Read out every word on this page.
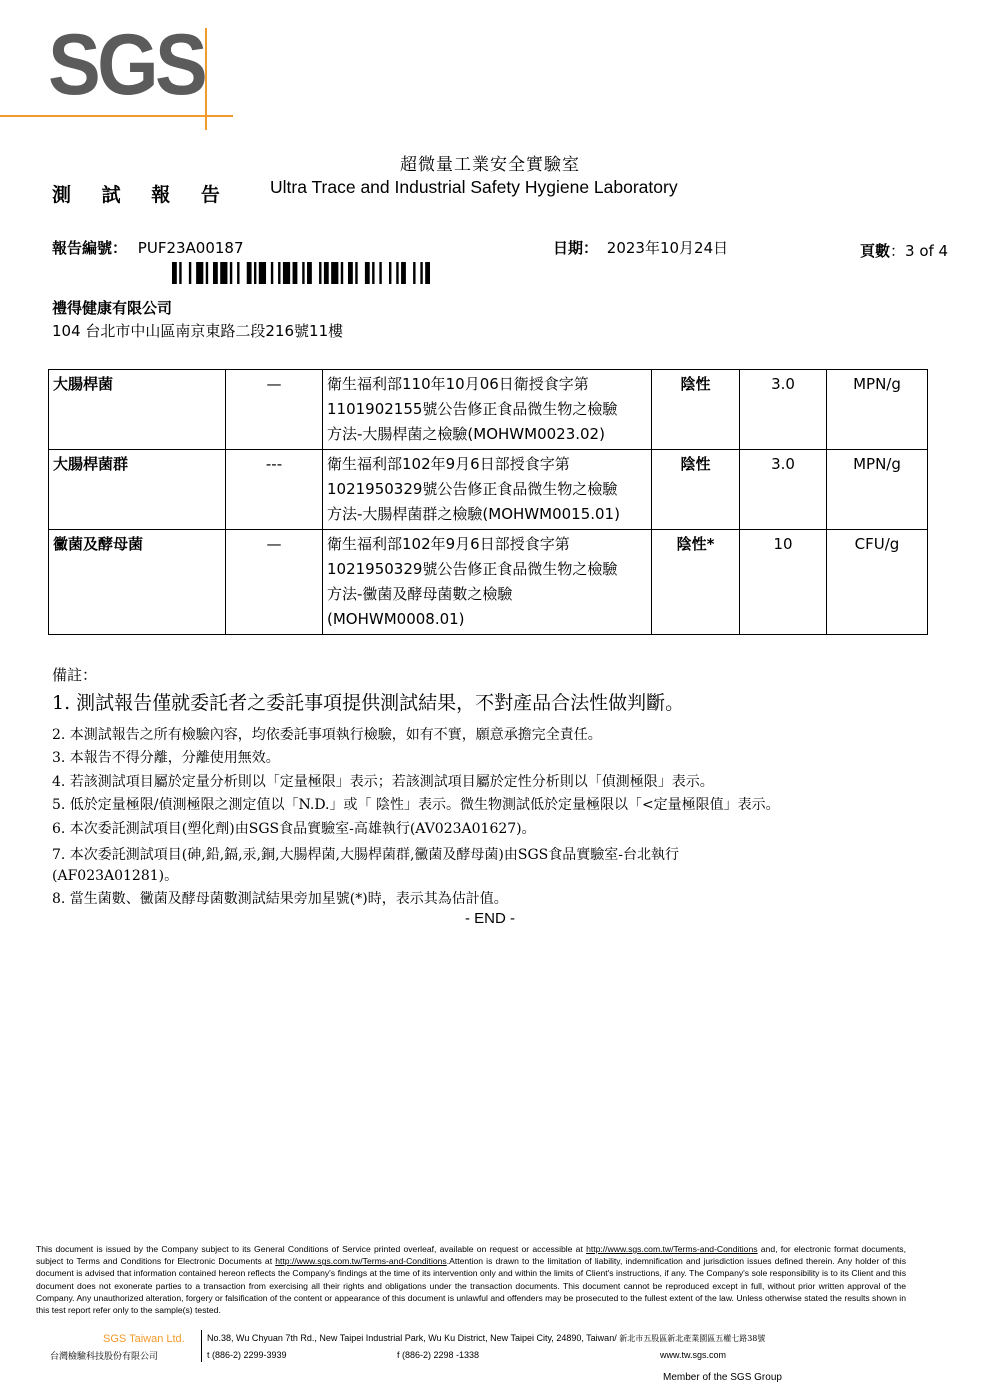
SGS
超微量工業安全實驗室
測 試 報 告 Ultra Trace and Industrial Safety Hygiene Laboratory
報告編號： PUF23A00187	日期： 2023年10月24日	頁數：3 of 4
禮得健康有限公司
104 台北市中山區南京東路二段216號11樓
大腸桿菌	—	衛生福利部110年10月06日衛授食字第
1101902155號公告修正食品微生物之檢驗
方法-大腸桿菌之檢驗(MOHWM0023.02)	陰性	3.0	MPN/g
大腸桿菌群	---	衛生福利部102年9月6日部授食字第
1021950329號公告修正食品微生物之檢驗
方法-大腸桿菌群之檢驗(MOHWM0015.01)	陰性	3.0	MPN/g
黴菌及酵母菌	—	衛生福利部102年9月6日部授食字第
1021950329號公告修正食品微生物之檢驗
方法-黴菌及酵母菌數之檢驗
(MOHWM0008.01)	陰性*	10	CFU/g
備註：
1. 測試報告僅就委託者之委託事項提供測試結果，不對產品合法性做判斷。
2. 本測試報告之所有檢驗內容，均依委託事項執行檢驗，如有不實，願意承擔完全責任。
3. 本報告不得分離，分離使用無效。
4. 若該測試項目屬於定量分析則以「定量極限」表示；若該測試項目屬於定性分析則以「偵測極限」表示。
5. 低於定量極限/偵測極限之測定值以「N.D.」或「 陰性」表示。微生物測試低於定量極限以「<定量極限值」表示。
6. 本次委託測試項目(塑化劑)由SGS食品實驗室-高雄執行(AV023A01627)。
7. 本次委託測試項目(砷,鉛,鎘,汞,銅,大腸桿菌,大腸桿菌群,黴菌及酵母菌)由SGS食品實驗室-台北執行
(AF023A01281)。
8. 當生菌數、黴菌及酵母菌數測試結果旁加星號(*)時，表示其為估計值。
- END -
This document is issued by the Company subject to its General Conditions of Service printed overleaf, available on request or accessible at http://www.sgs.com.tw/Terms-and-Conditions and, for electronic format documents, subject to Terms and Conditions for Electronic Documents at http://www.sgs.com.tw/Terms-and-Conditions.Attention is drawn to the limitation of liability, indemnification and jurisdiction issues defined therein. Any holder of this document is advised that information contained hereon reflects the Company's findings at the time of its intervention only and within the limits of Client's instructions, if any. The Company's sole responsibility is to its Client and this document does not exonerate parties to a transaction from exercising all their rights and obligations under the transaction documents. This document cannot be reproduced except in full, without prior written approval of the Company. Any unauthorized alteration, forgery or falsification of the content or appearance of this document is unlawful and offenders may be prosecuted to the fullest extent of the law. Unless otherwise stated the results shown in this test report refer only to the sample(s) tested.
SGS Taiwan Ltd.
台灣檢驗科技股份有限公司
No.38, Wu Chyuan 7th Rd., New Taipei Industrial Park, Wu Ku District, New Taipei City, 24890, Taiwan/ 新北市五股區新北產業園區五權七路38號
t (886-2) 2299-3939	f (886-2) 2298 -1338	www.tw.sgs.com
Member of the SGS Group
